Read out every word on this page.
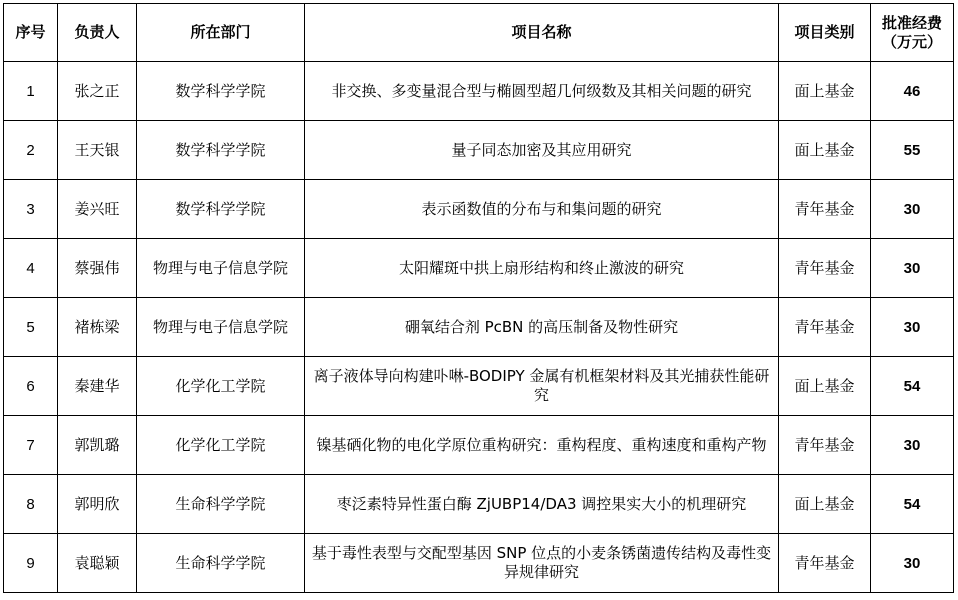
序号	负责人	所在部门	项目名称	项目类别	批准经费
（万元）

1	张之正	数学科学学院	非交换、多变量混合型与椭圆型超几何级数及其相关问题的研究	面上基金	46
2	王天银	数学科学学院	量子同态加密及其应用研究	面上基金	55
3	姜兴旺	数学科学学院	表示函数值的分布与和集问题的研究	青年基金	30
4	蔡强伟	物理与电子信息学院	太阳耀斑中拱上扇形结构和终止激波的研究	青年基金	30
5	褚栋梁	物理与电子信息学院	硼氧结合剂 PcBN 的高压制备及物性研究	青年基金	30
6	秦建华	化学化工学院	离子液体导向构建卟啉-BODIPY 金属有机框架材料及其光捕获性能研究	面上基金	54
7	郭凯璐	化学化工学院	镍基硒化物的电化学原位重构研究：重构程度、重构速度和重构产物	青年基金	30
8	郭明欣	生命科学学院	枣泛素特异性蛋白酶 ZjUBP14/DA3 调控果实大小的机理研究	面上基金	54
9	袁聪颖	生命科学学院	基于毒性表型与交配型基因 SNP 位点的小麦条锈菌遗传结构及毒性变异规律研究	青年基金	30
